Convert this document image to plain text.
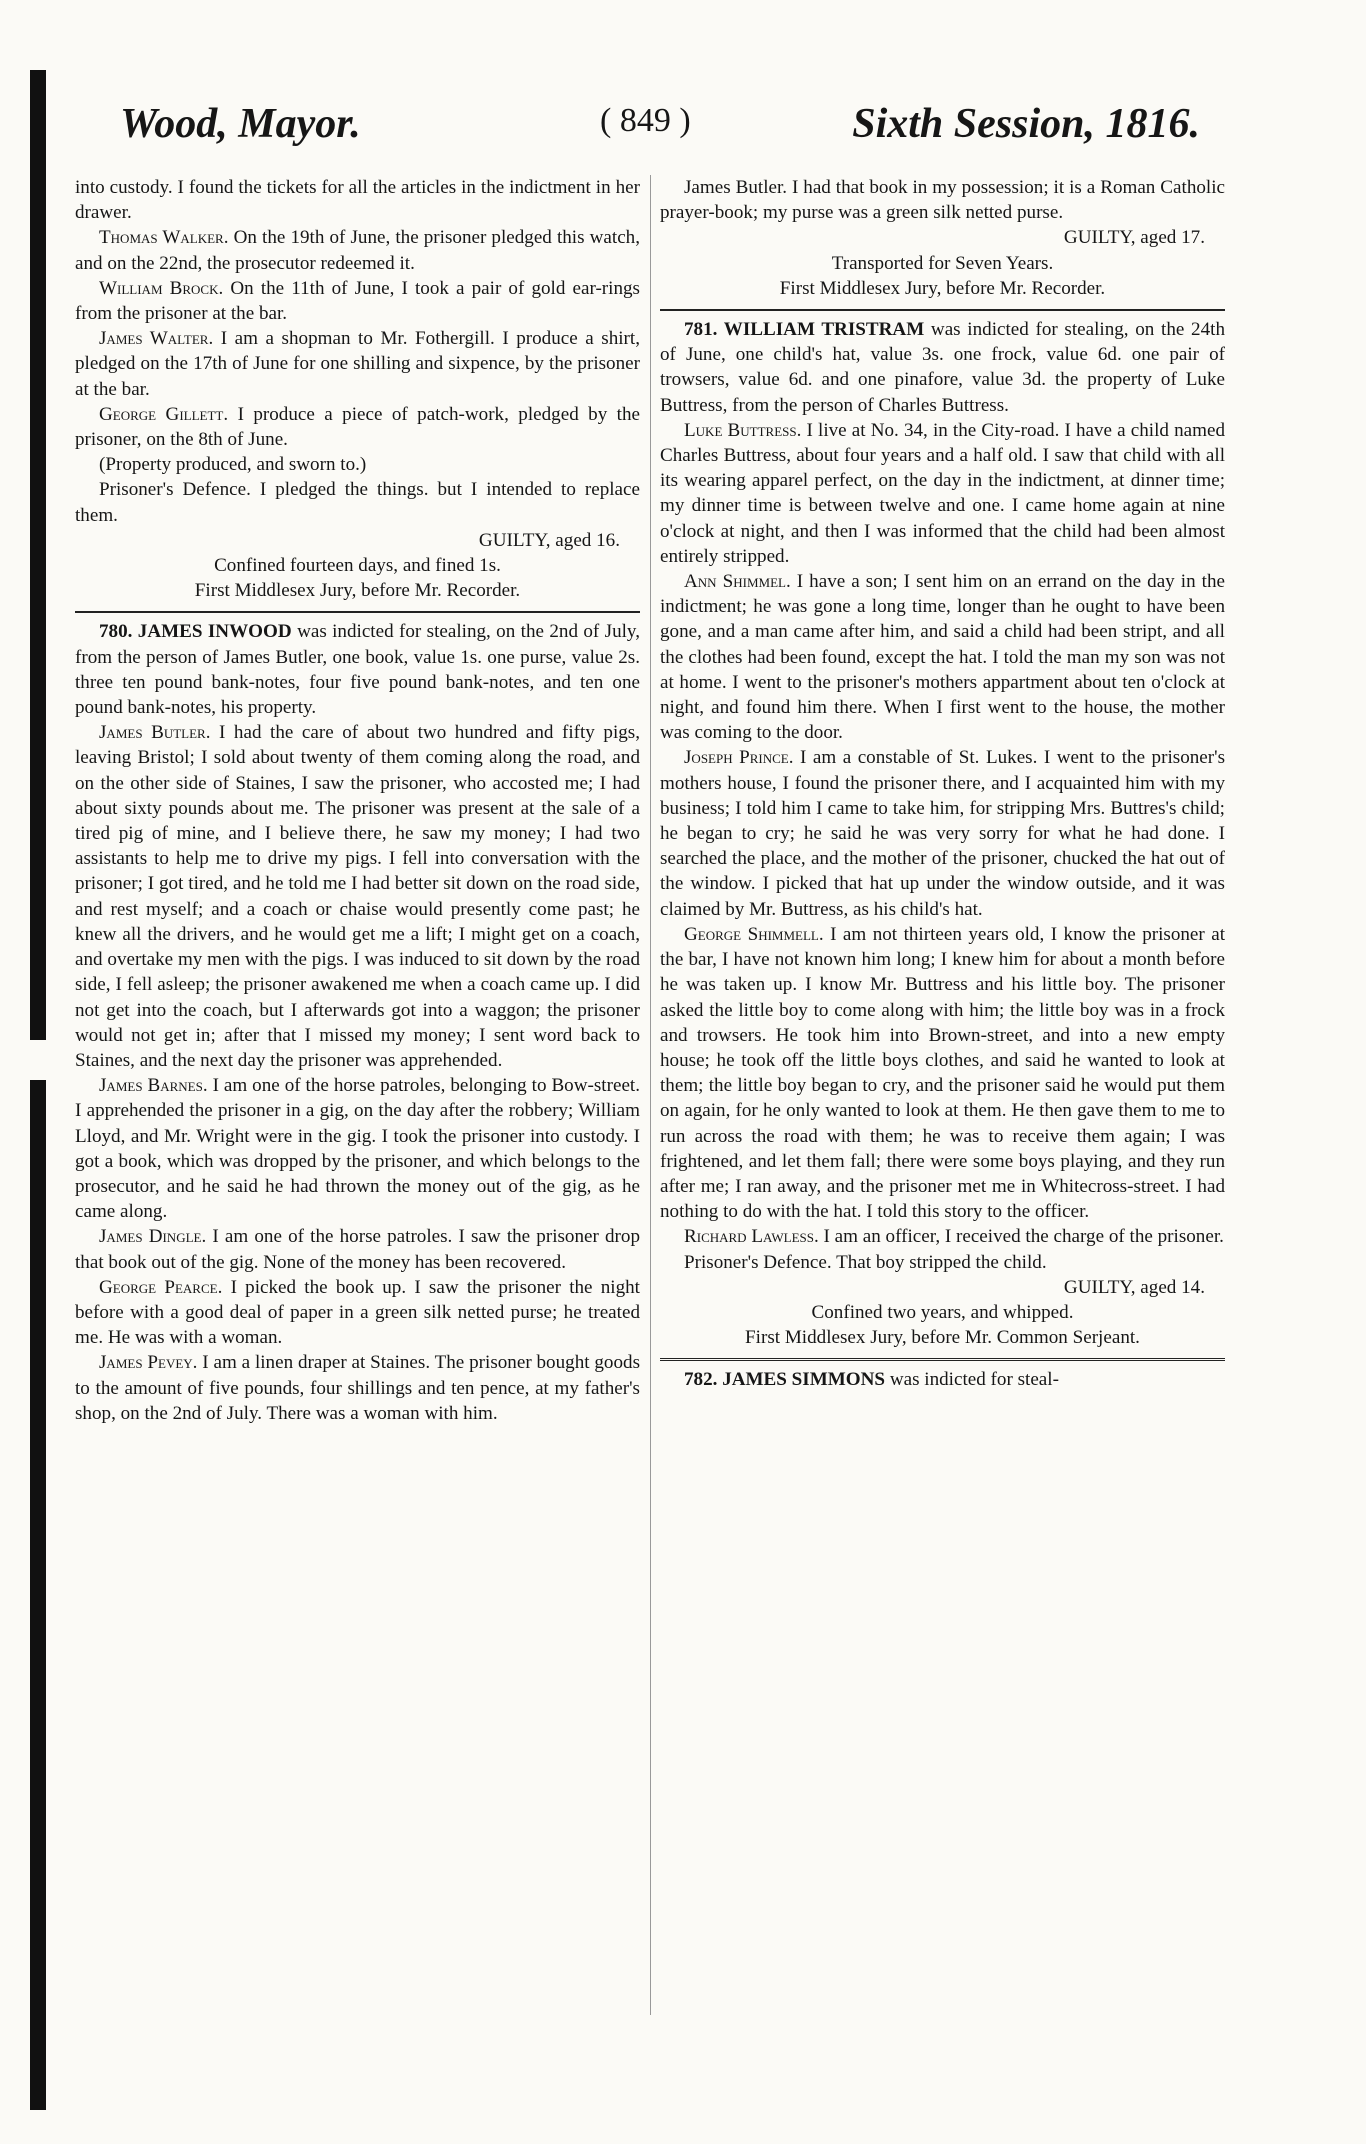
Wood, Mayor.	( 849 )	Sixth Session, 1816.

into custody. I found the tickets for all the articles in the indictment in her drawer.

Thomas Walker. On the 19th of June, the prisoner pledged this watch, and on the 22nd, the prosecutor redeemed it.

William Brock. On the 11th of June, I took a pair of gold ear-rings from the prisoner at the bar.

James Walter. I am a shopman to Mr. Fothergill. I produce a shirt, pledged on the 17th of June for one shilling and sixpence, by the prisoner at the bar.

George Gillett. I produce a piece of patch-work, pledged by the prisoner, on the 8th of June.

(Property produced, and sworn to.)

Prisoner's Defence. I pledged the things. but I intended to replace them.

GUILTY, aged 16.

Confined fourteen days, and fined 1s.

First Middlesex Jury, before Mr. Recorder.

780. JAMES INWOOD was indicted for stealing, on the 2nd of July, from the person of James Butler, one book, value 1s. one purse, value 2s. three ten pound bank-notes, four five pound bank-notes, and ten one pound bank-notes, his property.

James Butler. I had the care of about two hundred and fifty pigs, leaving Bristol; I sold about twenty of them coming along the road, and on the other side of Staines, I saw the prisoner, who accosted me; I had about sixty pounds about me. The prisoner was present at the sale of a tired pig of mine, and I believe there, he saw my money; I had two assistants to help me to drive my pigs. I fell into conversation with the prisoner; I got tired, and he told me I had better sit down on the road side, and rest myself; and a coach or chaise would presently come past; he knew all the drivers, and he would get me a lift; I might get on a coach, and overtake my men with the pigs. I was induced to sit down by the road side, I fell asleep; the prisoner awakened me when a coach came up. I did not get into the coach, but I afterwards got into a waggon; the prisoner would not get in; after that I missed my money; I sent word back to Staines, and the next day the prisoner was apprehended.

James Barnes. I am one of the horse patroles, belonging to Bow-street. I apprehended the prisoner in a gig, on the day after the robbery; William Lloyd, and Mr. Wright were in the gig. I took the prisoner into custody. I got a book, which was dropped by the prisoner, and which belongs to the prosecutor, and he said he had thrown the money out of the gig, as he came along.

James Dingle. I am one of the horse patroles. I saw the prisoner drop that book out of the gig. None of the money has been recovered.

George Pearce. I picked the book up. I saw the prisoner the night before with a good deal of paper in a green silk netted purse; he treated me. He was with a woman.

James Pevey. I am a linen draper at Staines. The prisoner bought goods to the amount of five pounds, four shillings and ten pence, at my father's shop, on the 2nd of July. There was a woman with him.

James Butler. I had that book in my possession; it is a Roman Catholic prayer-book; my purse was a green silk netted purse.

GUILTY, aged 17.

Transported for Seven Years.

First Middlesex Jury, before Mr. Recorder.

781. WILLIAM TRISTRAM was indicted for stealing, on the 24th of June, one child's hat, value 3s. one frock, value 6d. one pair of trowsers, value 6d. and one pinafore, value 3d. the property of Luke Buttress, from the person of Charles Buttress.

Luke Buttress. I live at No. 34, in the City-road. I have a child named Charles Buttress, about four years and a half old. I saw that child with all its wearing apparel perfect, on the day in the indictment, at dinner time; my dinner time is between twelve and one. I came home again at nine o'clock at night, and then I was informed that the child had been almost entirely stripped.

Ann Shimmel. I have a son; I sent him on an errand on the day in the indictment; he was gone a long time, longer than he ought to have been gone, and a man came after him, and said a child had been stript, and all the clothes had been found, except the hat. I told the man my son was not at home. I went to the prisoner's mothers appartment about ten o'clock at night, and found him there. When I first went to the house, the mother was coming to the door.

Joseph Prince. I am a constable of St. Lukes. I went to the prisoner's mothers house, I found the prisoner there, and I acquainted him with my business; I told him I came to take him, for stripping Mrs. Buttres's child; he began to cry; he said he was very sorry for what he had done. I searched the place, and the mother of the prisoner, chucked the hat out of the window. I picked that hat up under the window outside, and it was claimed by Mr. Buttress, as his child's hat.

George Shimmell. I am not thirteen years old, I know the prisoner at the bar, I have not known him long; I knew him for about a month before he was taken up. I know Mr. Buttress and his little boy. The prisoner asked the little boy to come along with him; the little boy was in a frock and trowsers. He took him into Brown-street, and into a new empty house; he took off the little boys clothes, and said he wanted to look at them; the little boy began to cry, and the prisoner said he would put them on again, for he only wanted to look at them. He then gave them to me to run across the road with them; he was to receive them again; I was frightened, and let them fall; there were some boys playing, and they run after me; I ran away, and the prisoner met me in Whitecross-street. I had nothing to do with the hat. I told this story to the officer.

Richard Lawless. I am an officer, I received the charge of the prisoner.

Prisoner's Defence. That boy stripped the child.

GUILTY, aged 14.

Confined two years, and whipped.

First Middlesex Jury, before Mr. Common Serjeant.

782. JAMES SIMMONS was indicted for steal-
